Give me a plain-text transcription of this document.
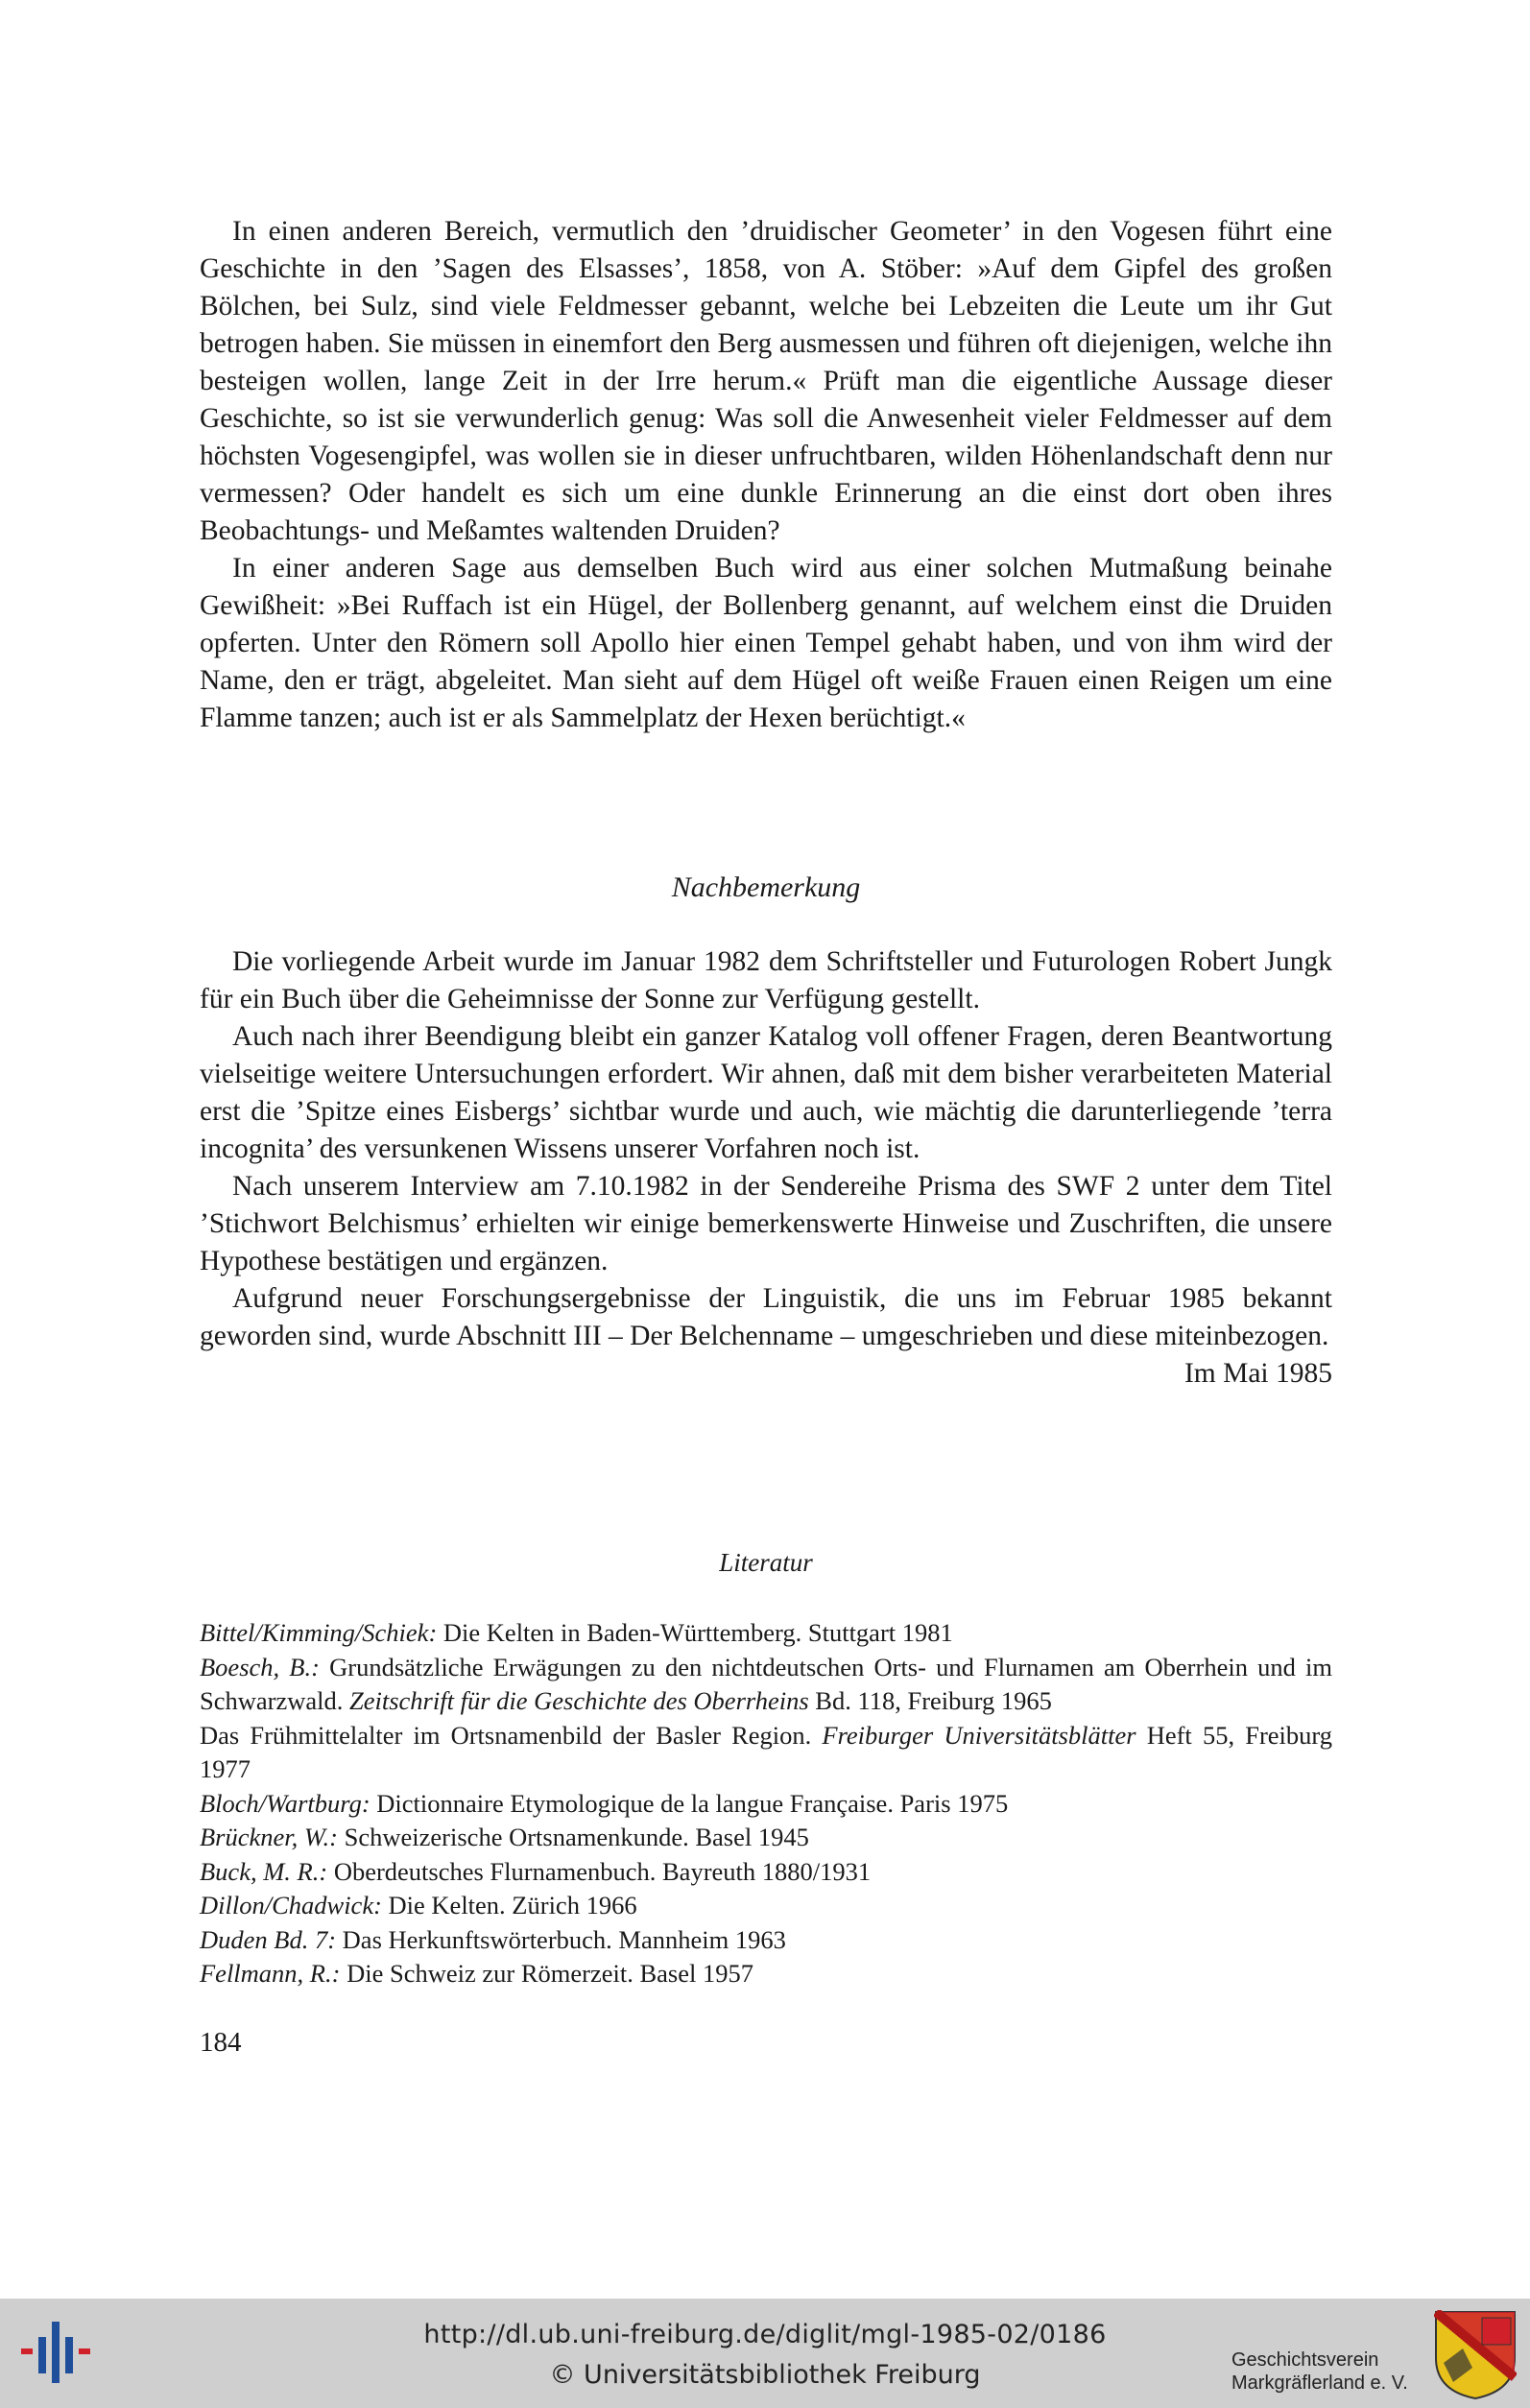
In einen anderen Bereich, vermutlich den ’druidischer Geometer’ in den Vogesen führt eine Geschichte in den ’Sagen des Elsasses’, 1858, von A. Stöber: »Auf dem Gipfel des großen Bölchen, bei Sulz, sind viele Feldmesser gebannt, welche bei Lebzeiten die Leute um ihr Gut betrogen haben. Sie müssen in einemfort den Berg ausmessen und führen oft diejenigen, welche ihn besteigen wollen, lange Zeit in der Irre herum.« Prüft man die eigentliche Aussage dieser Geschichte, so ist sie verwunderlich genug: Was soll die Anwesenheit vieler Feldmesser auf dem höchsten Vogesengipfel, was wollen sie in dieser unfruchtbaren, wilden Höhenlandschaft denn nur vermessen? Oder handelt es sich um eine dunkle Erinnerung an die einst dort oben ihres Beobachtungs- und Meßamtes waltenden Druiden?

In einer anderen Sage aus demselben Buch wird aus einer solchen Mutmaßung beinahe Gewißheit: »Bei Ruffach ist ein Hügel, der Bollenberg genannt, auf welchem einst die Druiden opferten. Unter den Römern soll Apollo hier einen Tempel gehabt haben, und von ihm wird der Name, den er trägt, abgeleitet. Man sieht auf dem Hügel oft weiße Frauen einen Reigen um eine Flamme tanzen; auch ist er als Sammelplatz der Hexen berüchtigt.«

Nachbemerkung

Die vorliegende Arbeit wurde im Januar 1982 dem Schriftsteller und Futurologen Robert Jungk für ein Buch über die Geheimnisse der Sonne zur Verfügung gestellt.

Auch nach ihrer Beendigung bleibt ein ganzer Katalog voll offener Fragen, deren Beantwortung vielseitige weitere Untersuchungen erfordert. Wir ahnen, daß mit dem bisher verarbeiteten Material erst die ’Spitze eines Eisbergs’ sichtbar wurde und auch, wie mächtig die darunterliegende ’terra incognita’ des versunkenen Wissens unserer Vorfahren noch ist.

Nach unserem Interview am 7.10.1982 in der Sendereihe Prisma des SWF 2 unter dem Titel ’Stichwort Belchismus’ erhielten wir einige bemerkenswerte Hinweise und Zuschriften, die unsere Hypothese bestätigen und ergänzen.

Aufgrund neuer Forschungsergebnisse der Linguistik, die uns im Februar 1985 bekannt geworden sind, wurde Abschnitt III – Der Belchenname – umgeschrieben und diese miteinbezogen.

Im Mai 1985

Literatur

Bittel/Kimming/Schiek: Die Kelten in Baden-Württemberg. Stuttgart 1981

Boesch, B.: Grundsätzliche Erwägungen zu den nichtdeutschen Orts- und Flurnamen am Oberrhein und im Schwarzwald. Zeitschrift für die Geschichte des Oberrheins Bd. 118, Freiburg 1965

Das Frühmittelalter im Ortsnamenbild der Basler Region. Freiburger Universitätsblätter Heft 55, Freiburg 1977

Bloch/Wartburg: Dictionnaire Etymologique de la langue Française. Paris 1975

Brückner, W.: Schweizerische Ortsnamenkunde. Basel 1945

Buck, M. R.: Oberdeutsches Flurnamenbuch. Bayreuth 1880/1931

Dillon/Chadwick: Die Kelten. Zürich 1966

Duden Bd. 7: Das Herkunftswörterbuch. Mannheim 1963

Fellmann, R.: Die Schweiz zur Römerzeit. Basel 1957

184
http://dl.ub.uni-freiburg.de/diglit/mgl-1985-02/0186
© Universitätsbibliothek Freiburg	Geschichtsverein
Markgräflerland e. V.
